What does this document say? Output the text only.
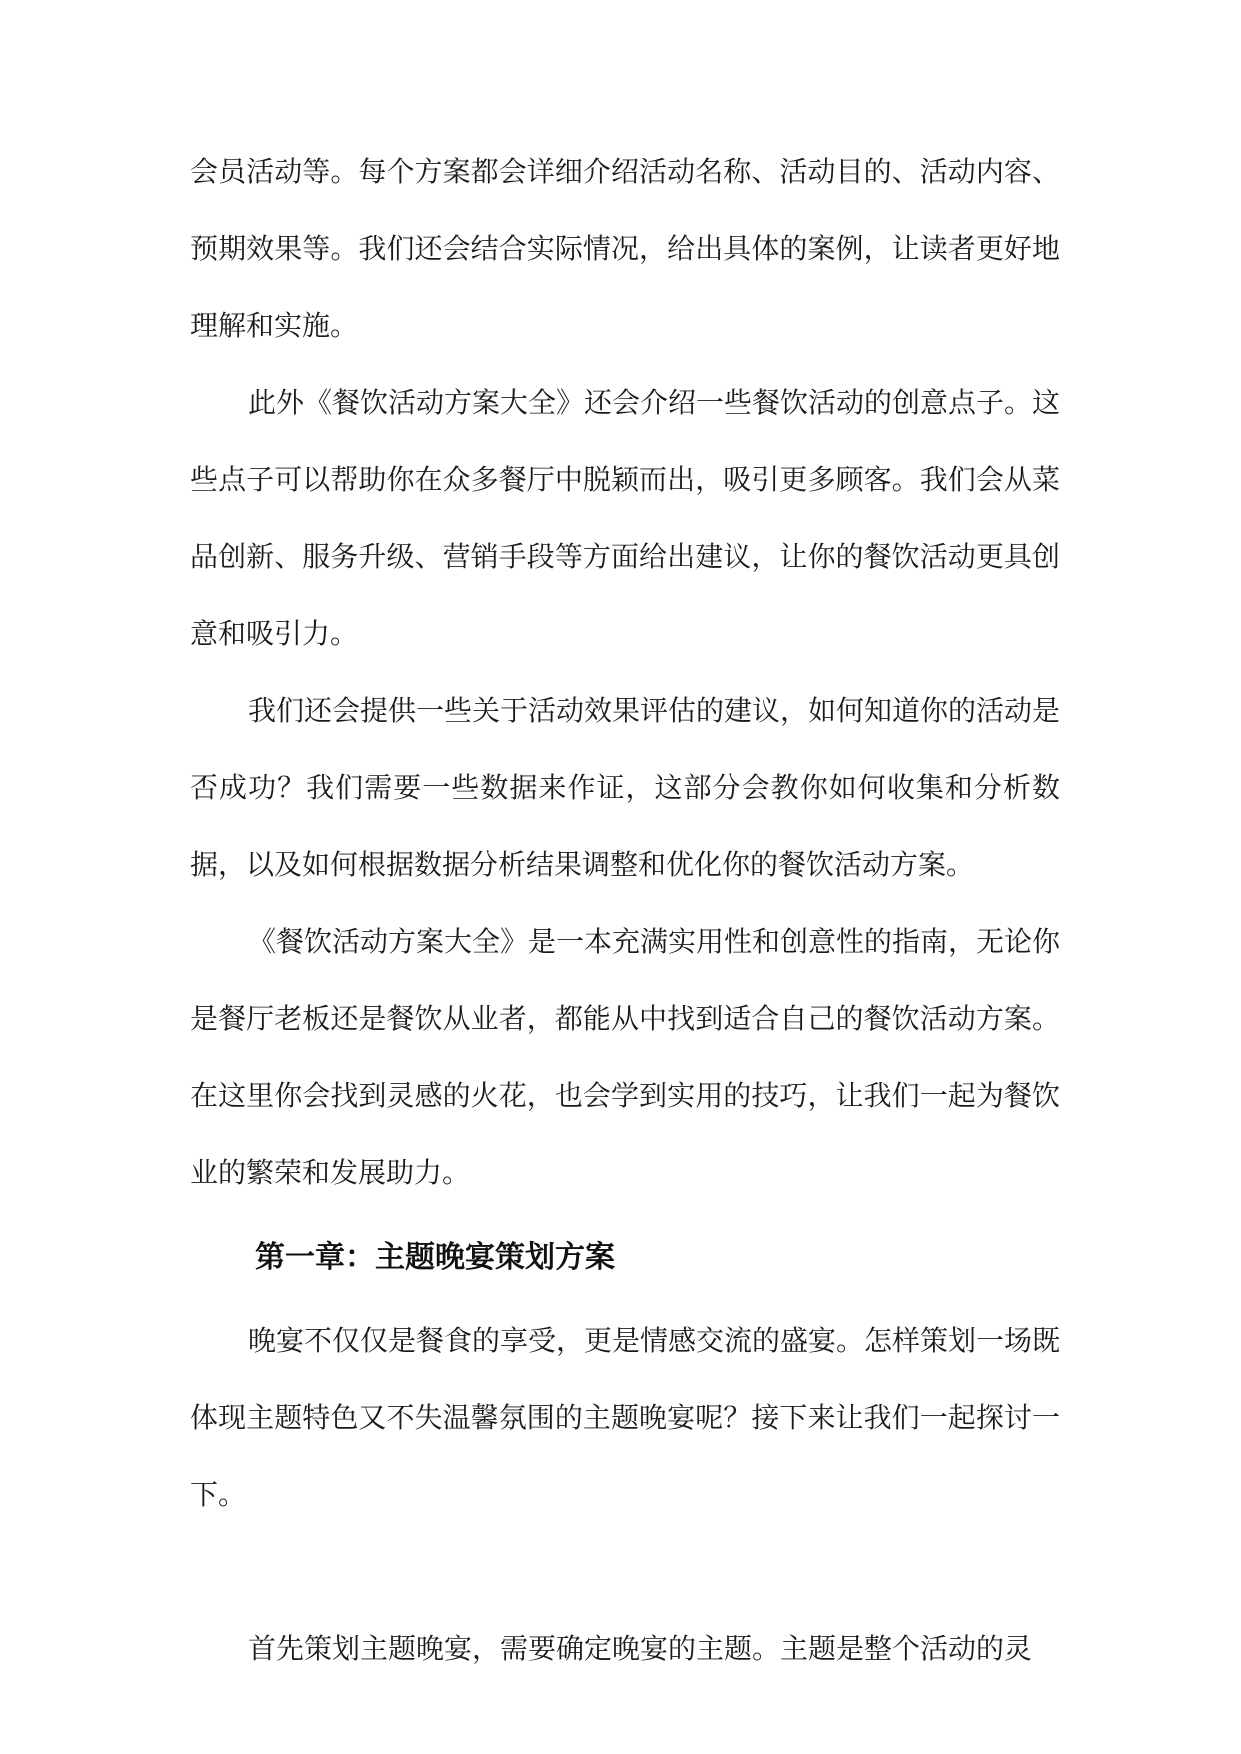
会员活动等。每个方案都会详细介绍活动名称、活动目的、活动内容、预期效果等。我们还会结合实际情况，给出具体的案例，让读者更好地理解和实施。

此外《餐饮活动方案大全》还会介绍一些餐饮活动的创意点子。这些点子可以帮助你在众多餐厅中脱颖而出，吸引更多顾客。我们会从菜品创新、服务升级、营销手段等方面给出建议，让你的餐饮活动更具创意和吸引力。

我们还会提供一些关于活动效果评估的建议，如何知道你的活动是否成功？我们需要一些数据来作证，这部分会教你如何收集和分析数据，以及如何根据数据分析结果调整和优化你的餐饮活动方案。

《餐饮活动方案大全》是一本充满实用性和创意性的指南，无论你是餐厅老板还是餐饮从业者，都能从中找到适合自己的餐饮活动方案。在这里你会找到灵感的火花，也会学到实用的技巧，让我们一起为餐饮业的繁荣和发展助力。

第一章：主题晚宴策划方案

晚宴不仅仅是餐食的享受，更是情感交流的盛宴。怎样策划一场既体现主题特色又不失温馨氛围的主题晚宴呢？接下来让我们一起探讨一下。

首先策划主题晚宴，需要确定晚宴的主题。主题是整个活动的灵
